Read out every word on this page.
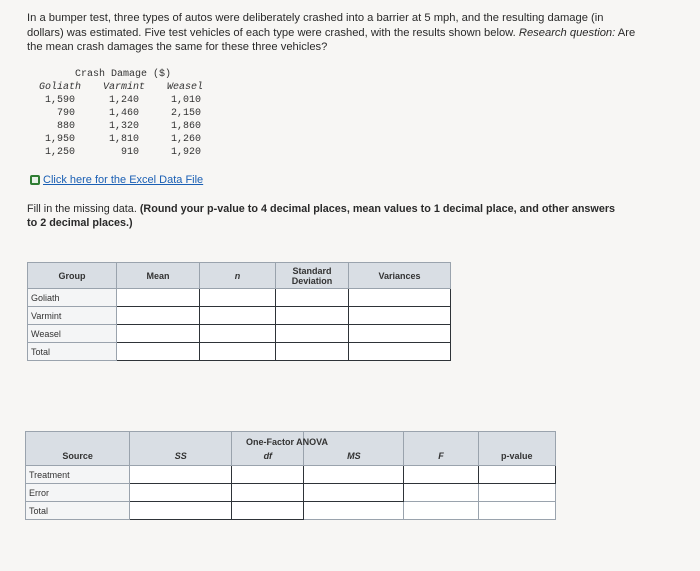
In a bumper test, three types of autos were deliberately crashed into a barrier at 5 mph, and the resulting damage (in dollars) was estimated. Five test vehicles of each type were crashed, with the results shown below. Research question: Are the mean crash damages the same for these three vehicles?
Crash Damage ($)
Goliath	Varmint	Weasel
1,590	1,240	1,010
790	1,460	2,150
880	1,320	1,860
1,950	1,810	1,260
1,250	910	1,920
Click here for the Excel Data File
Fill in the missing data. (Round your p-value to 4 decimal places, mean values to 1 decimal place, and other answers to 2 decimal places.)
Group	Mean	n	Standard Deviation	Variances
Goliath				
Varmint				
Weasel				
Total				
Source	SS	df	MS	F	p-value
Treatment					
Error					
Total					
One-Factor ANOVA
